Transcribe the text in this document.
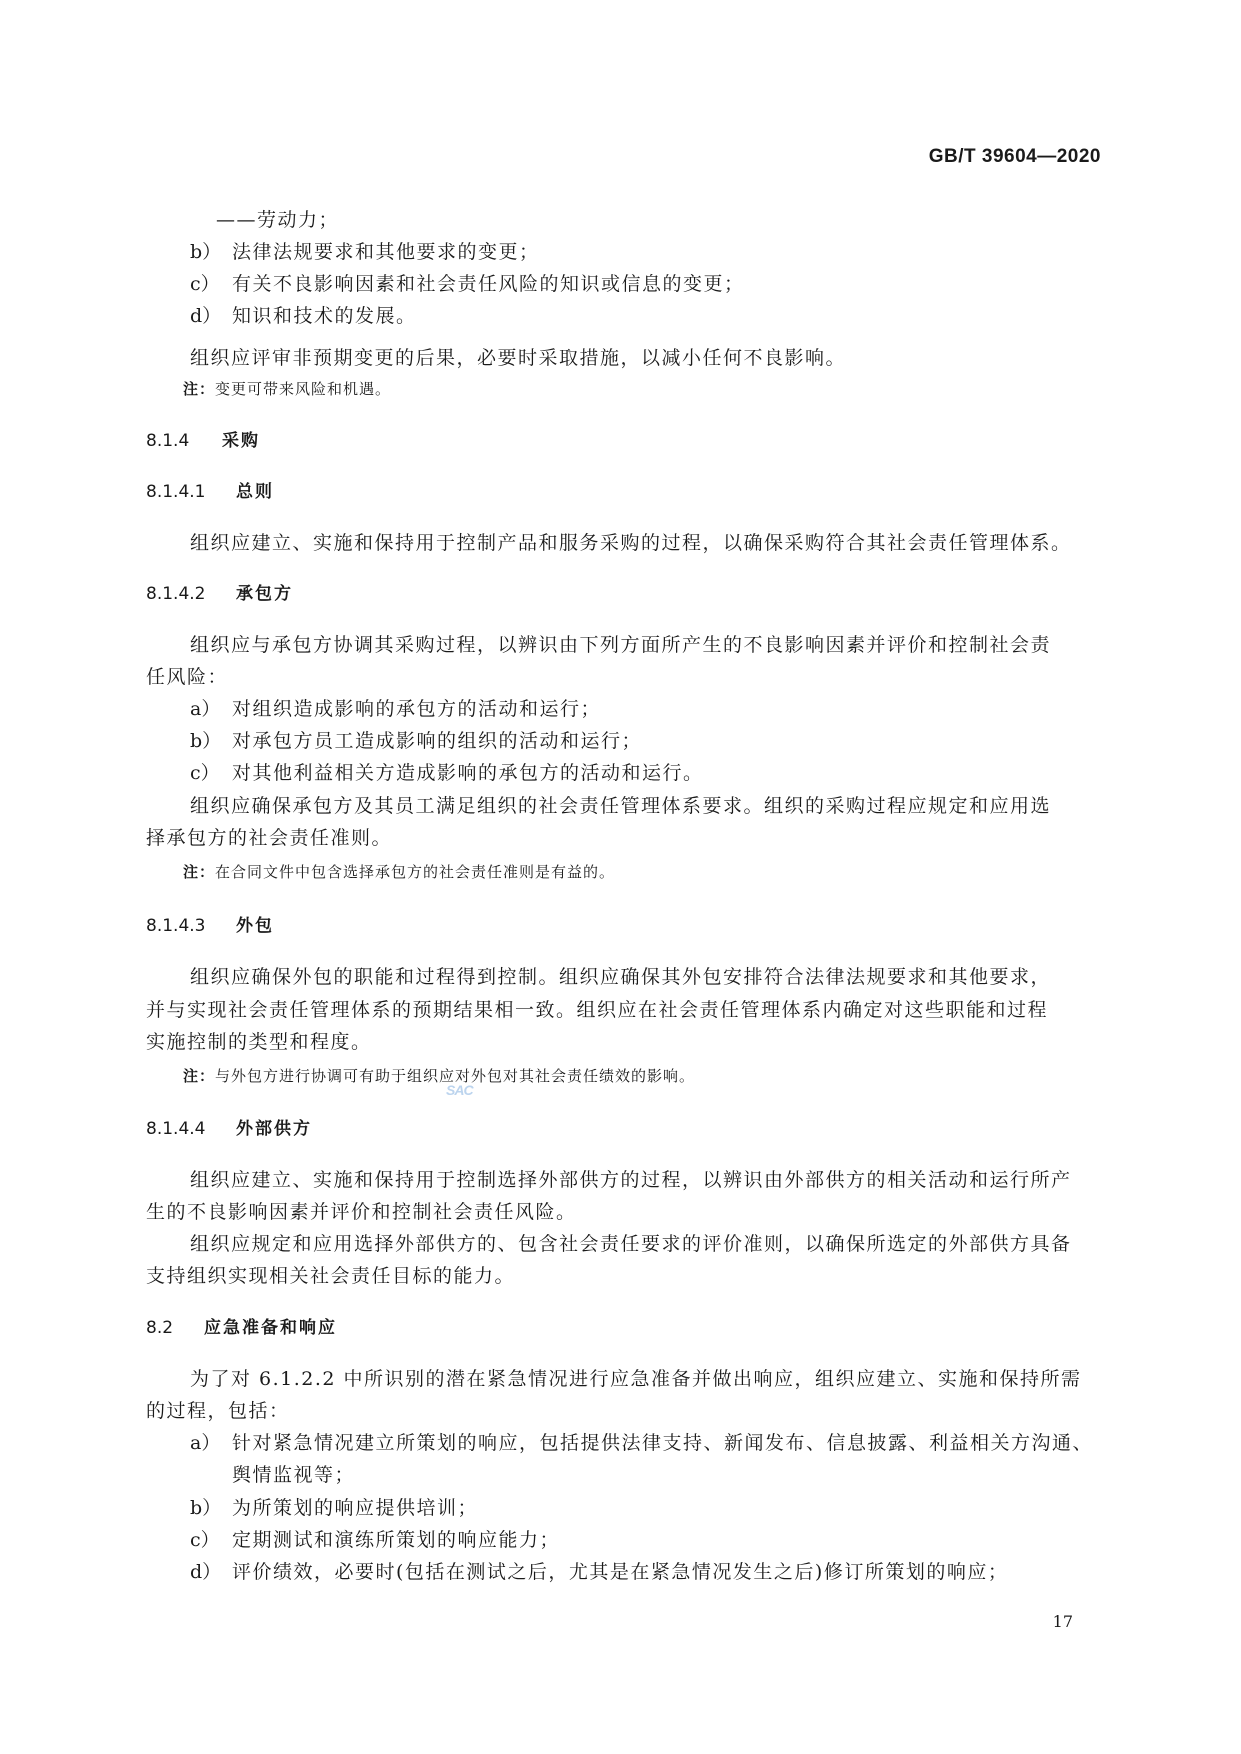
GB/T 39604—2020
——劳动力；
b） 法律法规要求和其他要求的变更；
c） 有关不良影响因素和社会责任风险的知识或信息的变更；
d） 知识和技术的发展。
组织应评审非预期变更的后果，必要时采取措施，以减小任何不良影响。
注：变更可带来风险和机遇。
8.1.4 采购
8.1.4.1 总则
组织应建立、实施和保持用于控制产品和服务采购的过程，以确保采购符合其社会责任管理体系。
8.1.4.2 承包方
组织应与承包方协调其采购过程，以辨识由下列方面所产生的不良影响因素并评价和控制社会责
任风险：
a） 对组织造成影响的承包方的活动和运行；
b） 对承包方员工造成影响的组织的活动和运行；
c） 对其他利益相关方造成影响的承包方的活动和运行。
组织应确保承包方及其员工满足组织的社会责任管理体系要求。组织的采购过程应规定和应用选
择承包方的社会责任准则。
注：在合同文件中包含选择承包方的社会责任准则是有益的。
8.1.4.3 外包
组织应确保外包的职能和过程得到控制。组织应确保其外包安排符合法律法规要求和其他要求，
并与实现社会责任管理体系的预期结果相一致。组织应在社会责任管理体系内确定对这些职能和过程
实施控制的类型和程度。
注：与外包方进行协调可有助于组织应对外包对其社会责任绩效的影响。
SAC
8.1.4.4 外部供方
组织应建立、实施和保持用于控制选择外部供方的过程，以辨识由外部供方的相关活动和运行所产
生的不良影响因素并评价和控制社会责任风险。
组织应规定和应用选择外部供方的、包含社会责任要求的评价准则，以确保所选定的外部供方具备
支持组织实现相关社会责任目标的能力。
8.2 应急准备和响应
为了对 6.1.2.2 中所识别的潜在紧急情况进行应急准备并做出响应，组织应建立、实施和保持所需
的过程，包括：
a） 针对紧急情况建立所策划的响应，包括提供法律支持、新闻发布、信息披露、利益相关方沟通、
舆情监视等；
b） 为所策划的响应提供培训；
c） 定期测试和演练所策划的响应能力；
d） 评价绩效，必要时(包括在测试之后，尤其是在紧急情况发生之后)修订所策划的响应；
17
